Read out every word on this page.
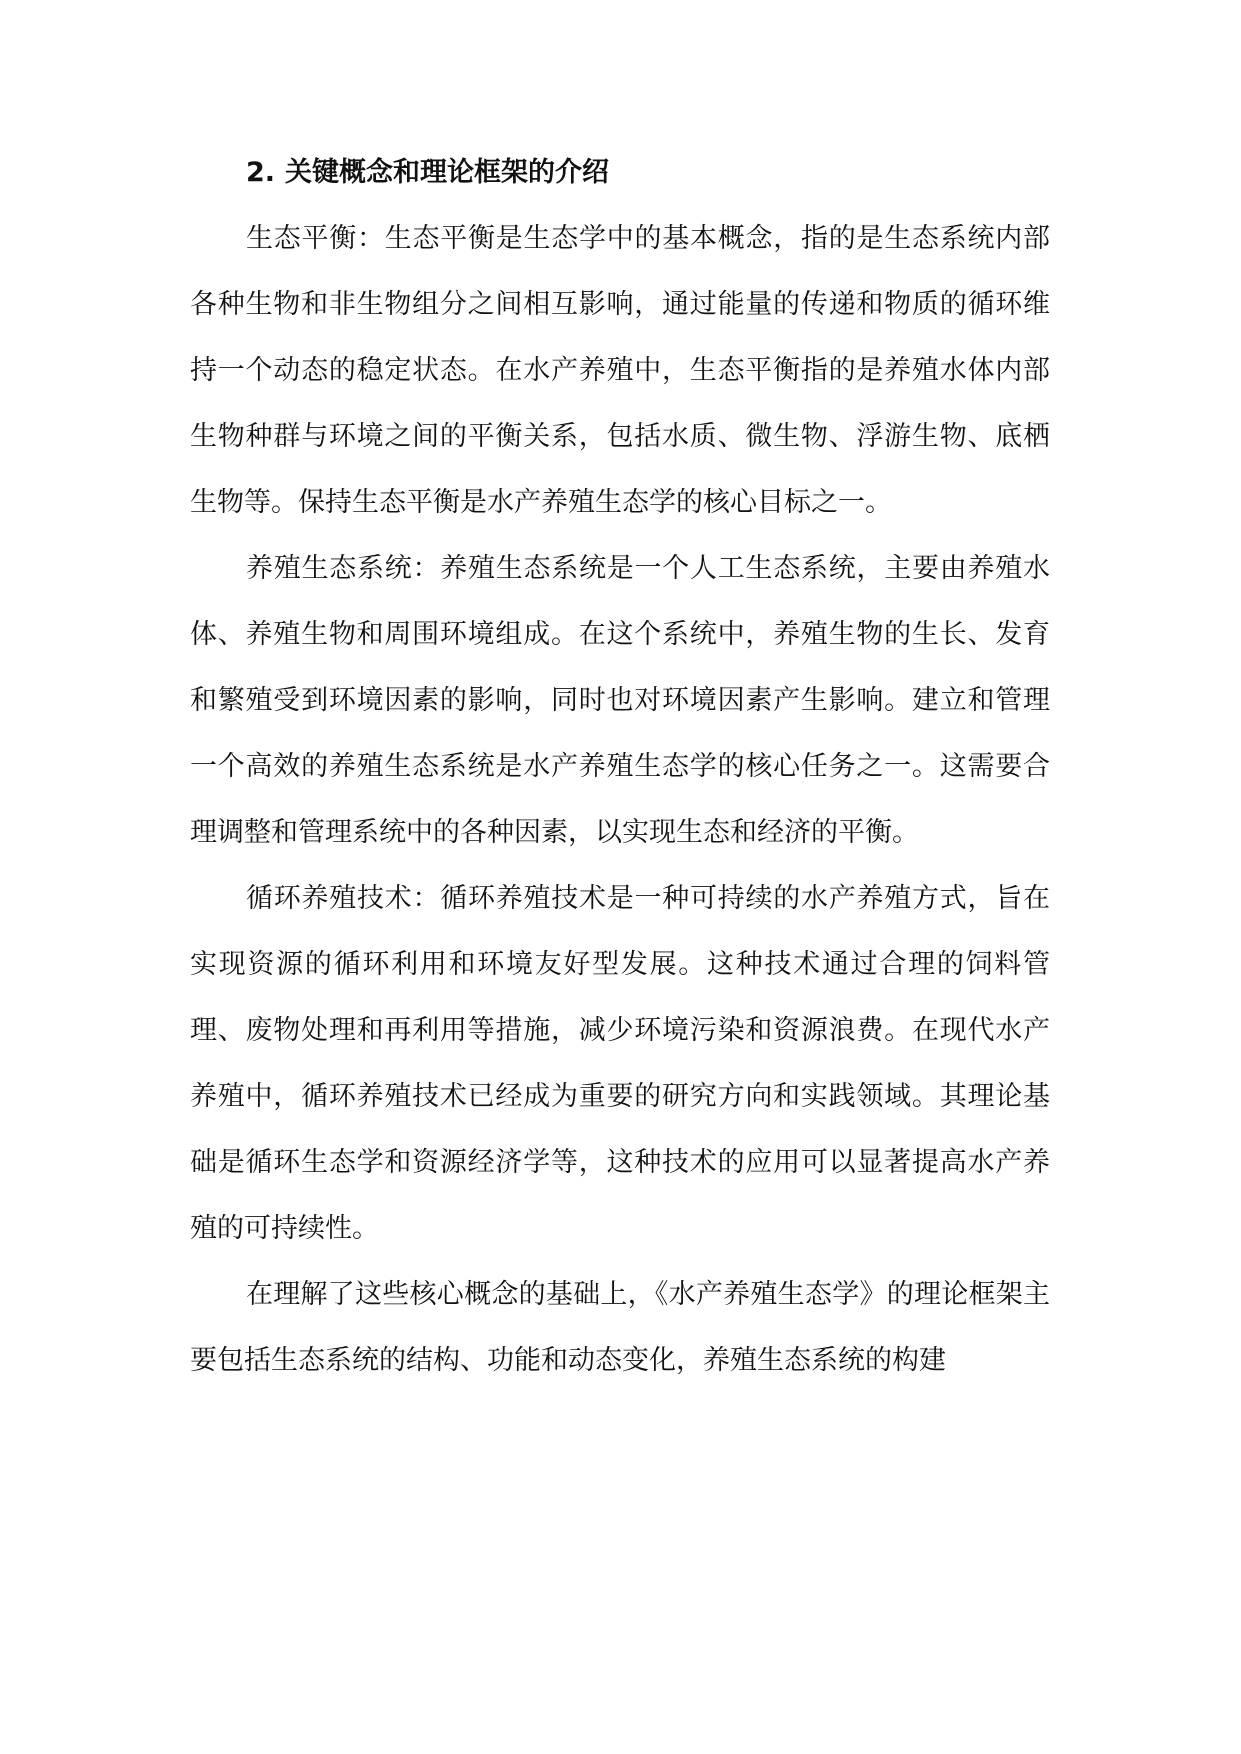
2. 关键概念和理论框架的介绍

生态平衡：生态平衡是生态学中的基本概念，指的是生态系统内部各种生物和非生物组分之间相互影响，通过能量的传递和物质的循环维持一个动态的稳定状态。在水产养殖中，生态平衡指的是养殖水体内部生物种群与环境之间的平衡关系，包括水质、微生物、浮游生物、底栖生物等。保持生态平衡是水产养殖生态学的核心目标之一。

养殖生态系统：养殖生态系统是一个人工生态系统，主要由养殖水体、养殖生物和周围环境组成。在这个系统中，养殖生物的生长、发育和繁殖受到环境因素的影响，同时也对环境因素产生影响。建立和管理一个高效的养殖生态系统是水产养殖生态学的核心任务之一。这需要合理调整和管理系统中的各种因素，以实现生态和经济的平衡。

循环养殖技术：循环养殖技术是一种可持续的水产养殖方式，旨在实现资源的循环利用和环境友好型发展。这种技术通过合理的饲料管理、废物处理和再利用等措施，减少环境污染和资源浪费。在现代水产养殖中，循环养殖技术已经成为重要的研究方向和实践领域。其理论基础是循环生态学和资源经济学等，这种技术的应用可以显著提高水产养殖的可持续性。

在理解了这些核心概念的基础上，《水产养殖生态学》的理论框架主要包括生态系统的结构、功能和动态变化，养殖生态系统的构建
